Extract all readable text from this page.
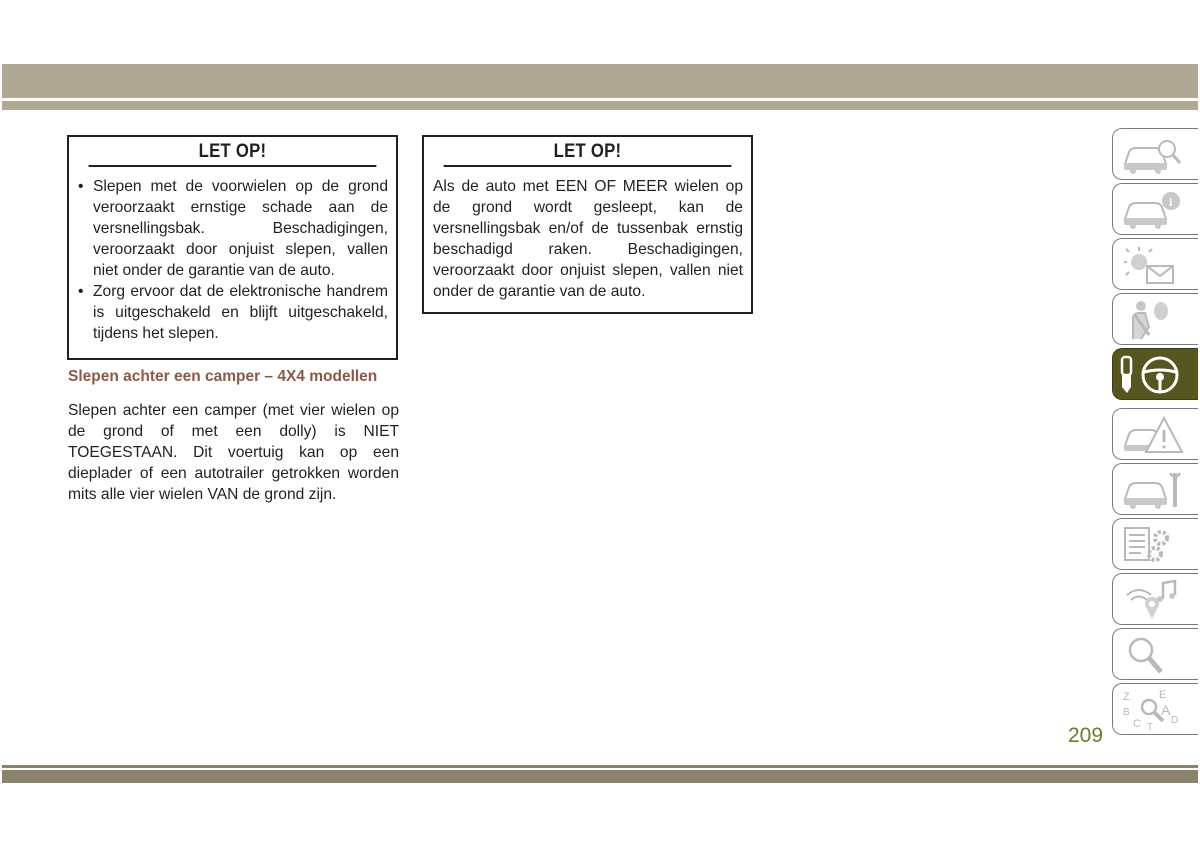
LET OP!
• Slepen met de voorwielen op de grond veroorzaakt ernstige schade aan de versnellingsbak. Beschadigingen, veroorzaakt door onjuist slepen, vallen niet onder de garantie van de auto.
• Zorg ervoor dat de elektronische handrem is uitgeschakeld en blijft uitgeschakeld, tijdens het slepen.
LET OP!
Als de auto met EEN OF MEER wielen op de grond wordt gesleept, kan de versnellingsbak en/of de tussenbak ernstig beschadigd raken. Beschadigingen, veroorzaakt door onjuist slepen, vallen niet onder de garantie van de auto.
Slepen achter een camper – 4X4 modellen
Slepen achter een camper (met vier wielen op de grond of met een dolly) is NIET TOEGESTAAN. Dit voertuig kan op een dieplader of een autotrailer getrokken worden mits alle vier wielen VAN de grond zijn.
209
i
Z	E
B A
C T
D
